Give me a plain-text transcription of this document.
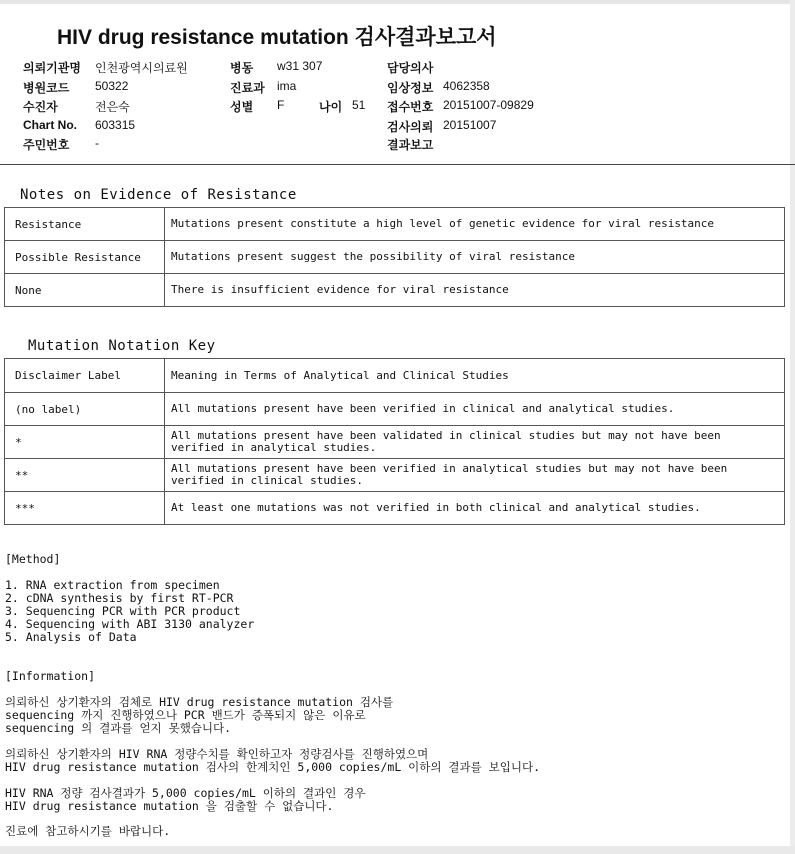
HIV drug resistance mutation 검사결과보고서
의뢰기관명 인천광역시의료원
병원코드 50322
수진자	전은숙
Chart No. 603315
주민번호 -
병동 w31 307
진료과 ima
성별 F	나이 51
담당의사
임상정보 4062358
접수번호 20151007-09829
검사의뢰 20151007
결과보고
Notes on Evidence of Resistance
Resistance	Mutations present constitute a high level of genetic evidence for viral resistance
Possible Resistance	Mutations present suggest the possibility of viral resistance
None	There is insufficient evidence for viral resistance
Mutation Notation Key
Disclaimer Label	Meaning in Terms of Analytical and Clinical Studies
(no label)	All mutations present have been verified in clinical and analytical studies.
*	All mutations present have been validated in clinical studies but may not have been verified in analytical studies.
**	All mutations present have been verified in analytical studies but may not have been verified in clinical studies.
***	At least one mutations was not verified in both clinical and analytical studies.
[Method]
1. RNA extraction from specimen
2. cDNA synthesis by first RT-PCR
3. Sequencing PCR with PCR product
4. Sequencing with ABI 3130 analyzer
5. Analysis of Data
[Information]
의뢰하신 상기환자의 검체로 HIV drug resistance mutation 검사를
sequencing 까지 진행하였으나 PCR 밴드가 증폭되지 않은 이유로
sequencing 의 결과를 얻지 못했습니다.
의뢰하신 상기환자의 HIV RNA 정량수치를 확인하고자 정량검사를 진행하였으며
HIV drug resistance mutation 검사의 한계치인 5,000 copies/mL 이하의 결과를 보입니다.
HIV RNA 정량 검사결과가 5,000 copies/mL 이하의 결과인 경우
HIV drug resistance mutation 을 검출할 수 없습니다.
진료에 참고하시기를 바랍니다.
